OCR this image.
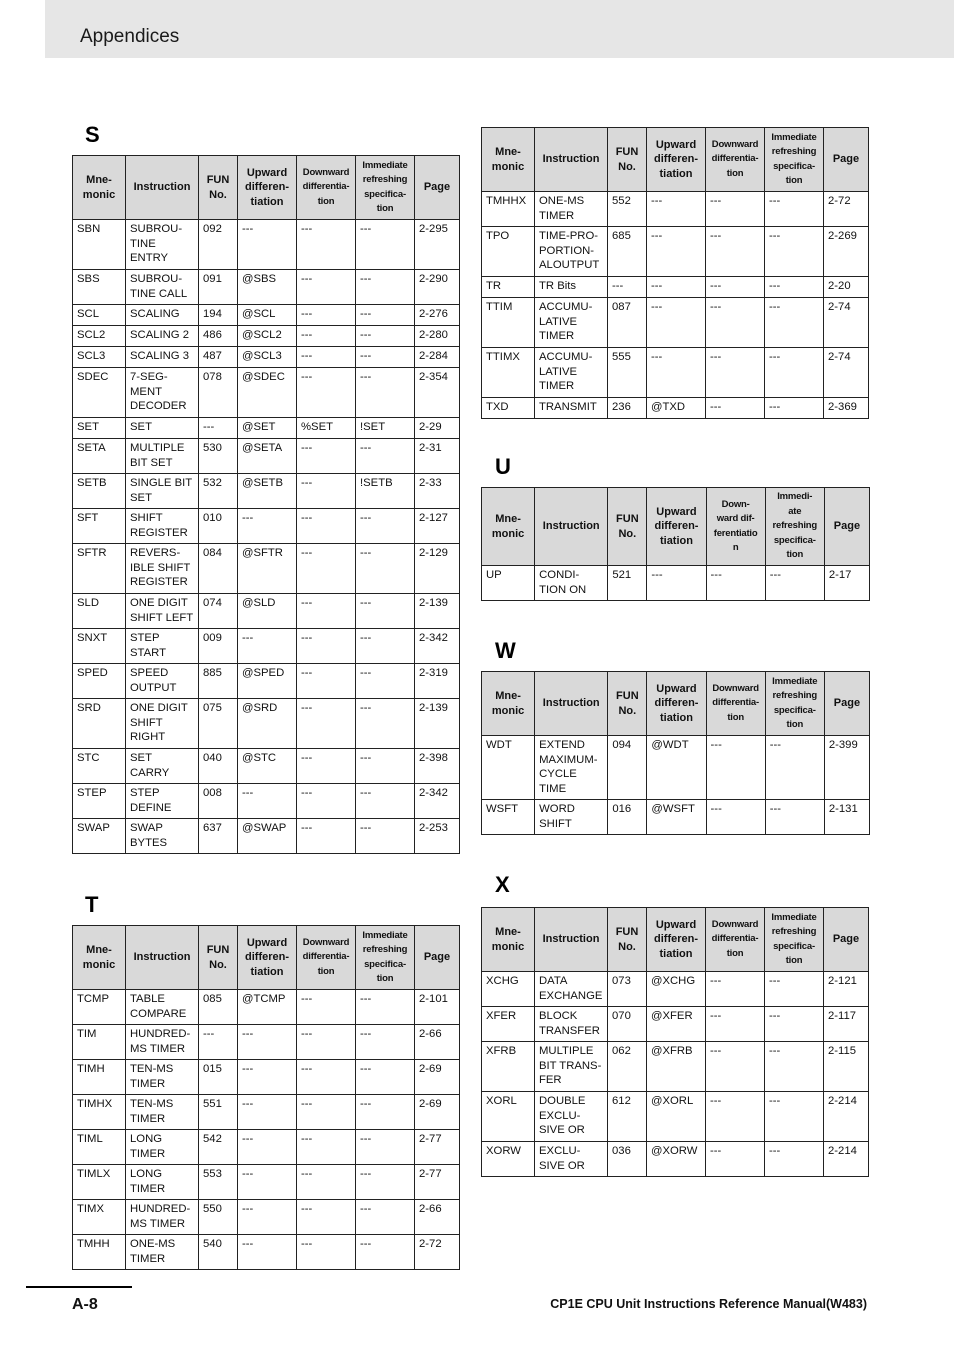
Appendices
S
T
U
W
X
Mne-
monic	Instruction	FUN
No.	Upward
differen-
tiation	Downward
differentia-
tion	Immediate
refreshing
specifica-
tion	Page
SBN	SUBROU-
TINE
ENTRY	092	---	---	---	2-295
SBS	SUBROU-
TINE CALL	091	@SBS	---	---	2-290
SCL	SCALING	194	@SCL	---	---	2-276
SCL2	SCALING 2	486	@SCL2	---	---	2-280
SCL3	SCALING 3	487	@SCL3	---	---	2-284
SDEC	7-SEG-
MENT
DECODER	078	@SDEC	---	---	2-354
SET	SET	---	@SET	%SET	!SET	2-29
SETA	MULTIPLE
BIT SET	530	@SETA	---	---	2-31
SETB	SINGLE BIT
SET	532	@SETB	---	!SETB	2-33
SFT	SHIFT
REGISTER	010	---	---	---	2-127
SFTR	REVERS-
IBLE SHIFT
REGISTER	084	@SFTR	---	---	2-129
SLD	ONE DIGIT
SHIFT LEFT	074	@SLD	---	---	2-139
SNXT	STEP
START	009	---	---	---	2-342
SPED	SPEED
OUTPUT	885	@SPED	---	---	2-319
SRD	ONE DIGIT
SHIFT
RIGHT	075	@SRD	---	---	2-139
STC	SET
CARRY	040	@STC	---	---	2-398
STEP	STEP
DEFINE	008	---	---	---	2-342
SWAP	SWAP
BYTES	637	@SWAP	---	---	2-253
Mne-
monic	Instruction	FUN
No.	Upward
differen-
tiation	Downward
differentia-
tion	Immediate
refreshing
specifica-
tion	Page
TCMP	TABLE
COMPARE	085	@TCMP	---	---	2-101
TIM	HUNDRED-
MS TIMER	---	---	---	---	2-66
TIMH	TEN-MS
TIMER	015	---	---	---	2-69
TIMHX	TEN-MS
TIMER	551	---	---	---	2-69
TIML	LONG
TIMER	542	---	---	---	2-77
TIMLX	LONG
TIMER	553	---	---	---	2-77
TIMX	HUNDRED-
MS TIMER	550	---	---	---	2-66
TMHH	ONE-MS
TIMER	540	---	---	---	2-72
Mne-
monic	Instruction	FUN
No.	Upward
differen-
tiation	Downward
differentia-
tion	Immediate
refreshing
specifica-
tion	Page
TMHHX	ONE-MS
TIMER	552	---	---	---	2-72
TPO	TIME-PRO-
PORTION-
ALOUTPUT	685	---	---	---	2-269
TR	TR Bits	---	---	---	---	2-20
TTIM	ACCUMU-
LATIVE
TIMER	087	---	---	---	2-74
TTIMX	ACCUMU-
LATIVE
TIMER	555	---	---	---	2-74
TXD	TRANSMIT	236	@TXD	---	---	2-369
Mne-
monic	Instruction	FUN
No.	Upward
differen-
tiation	Down-
ward dif-
ferentiatio
n	Immedi-
ate
refreshing
specifica-
tion	Page
UP	CONDI-
TION ON	521	---	---	---	2-17
Mne-
monic	Instruction	FUN
No.	Upward
differen-
tiation	Downward
differentia-
tion	Immediate
refreshing
specifica-
tion	Page
WDT	EXTEND
MAXIMUM-
CYCLE
TIME	094	@WDT	---	---	2-399
WSFT	WORD
SHIFT	016	@WSFT	---	---	2-131
Mne-
monic	Instruction	FUN
No.	Upward
differen-
tiation	Downward
differentia-
tion	Immediate
refreshing
specifica-
tion	Page
XCHG	DATA
EXCHANGE	073	@XCHG	---	---	2-121
XFER	BLOCK
TRANSFER	070	@XFER	---	---	2-117
XFRB	MULTIPLE
BIT TRANS-
FER	062	@XFRB	---	---	2-115
XORL	DOUBLE
EXCLU-
SIVE OR	612	@XORL	---	---	2-214
XORW	EXCLU-
SIVE OR	036	@XORW	---	---	2-214
A-8	CP1E CPU Unit Instructions Reference Manual(W483)
